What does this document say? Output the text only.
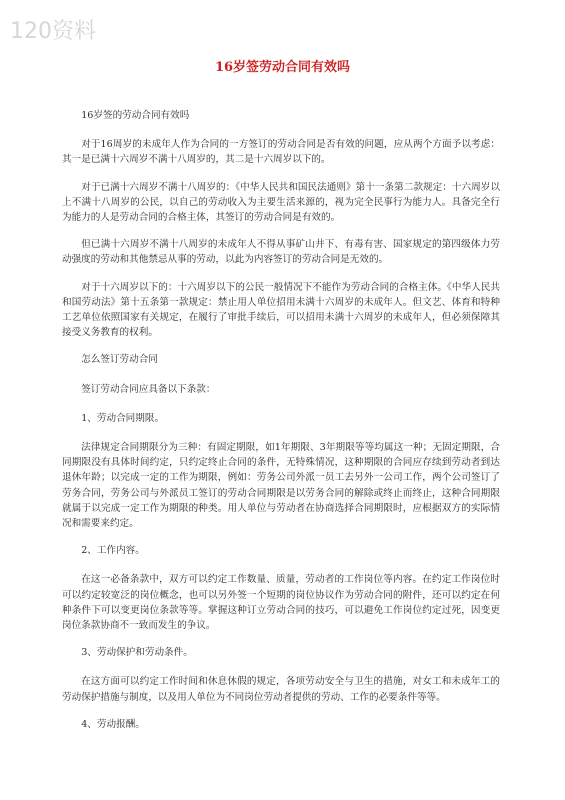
120资料
16岁签劳动合同有效吗

16岁签的劳动合同有效吗

对于16周岁的未成年人作为合同的一方签订的劳动合同是否有效的问题，应从两个方面予以考虑：其一是已满十六周岁不满十八周岁的，其二是十六周岁以下的。

对于已满十六周岁不满十八周岁的：《中华人民共和国民法通则》第十一条第二款规定：十六周岁以上不满十八周岁的公民，以自己的劳动收入为主要生活来源的，视为完全民事行为能力人。具备完全行为能力的人是劳动合同的合格主体，其签订的劳动合同是有效的。

但已满十六周岁不满十八周岁的未成年人不得从事矿山井下、有毒有害、国家规定的第四级体力劳动强度的劳动和其他禁忌从事的劳动，以此为内容签订的劳动合同是无效的。

对于十六周岁以下的：十六周岁以下的公民一般情况下不能作为劳动合同的合格主体。《中华人民共和国劳动法》第十五条第一款规定：禁止用人单位招用未满十六周岁的未成年人。但文艺、体育和特种工艺单位依照国家有关规定，在履行了审批手续后，可以招用未满十六周岁的未成年人，但必须保障其接受义务教育的权利。

怎么签订劳动合同

签订劳动合同应具备以下条款：

1、劳动合同期限。

法律规定合同期限分为三种：有固定期限，如1年期限、3年期限等等均属这一种；无固定期限，合同期限没有具体时间约定，只约定终止合同的条件，无特殊情况，这种期限的合同应存续到劳动者到达退休年龄；以完成一定的工作为期限，例如：劳务公司外派一员工去另外一公司工作，两个公司签订了劳务合同，劳务公司与外派员工签订的劳动合同期限是以劳务合同的解除或终止而终止，这种合同期限就属于以完成一定工作为期限的种类。用人单位与劳动者在协商选择合同期限时，应根据双方的实际情况和需要来约定。

2、工作内容。

在这一必备条款中，双方可以约定工作数量、质量，劳动者的工作岗位等内容。在约定工作岗位时可以约定较宽泛的岗位概念，也可以另外签一个短期的岗位协议作为劳动合同的附件，还可以约定在何种条件下可以变更岗位条款等等。掌握这种订立劳动合同的技巧，可以避免工作岗位约定过死，因变更岗位条款协商不一致而发生的争议。

3、劳动保护和劳动条件。

在这方面可以约定工作时间和休息休假的规定，各项劳动安全与卫生的措施，对女工和未成年工的劳动保护措施与制度，以及用人单位为不同岗位劳动者提供的劳动、工作的必要条件等等。

4、劳动报酬。
